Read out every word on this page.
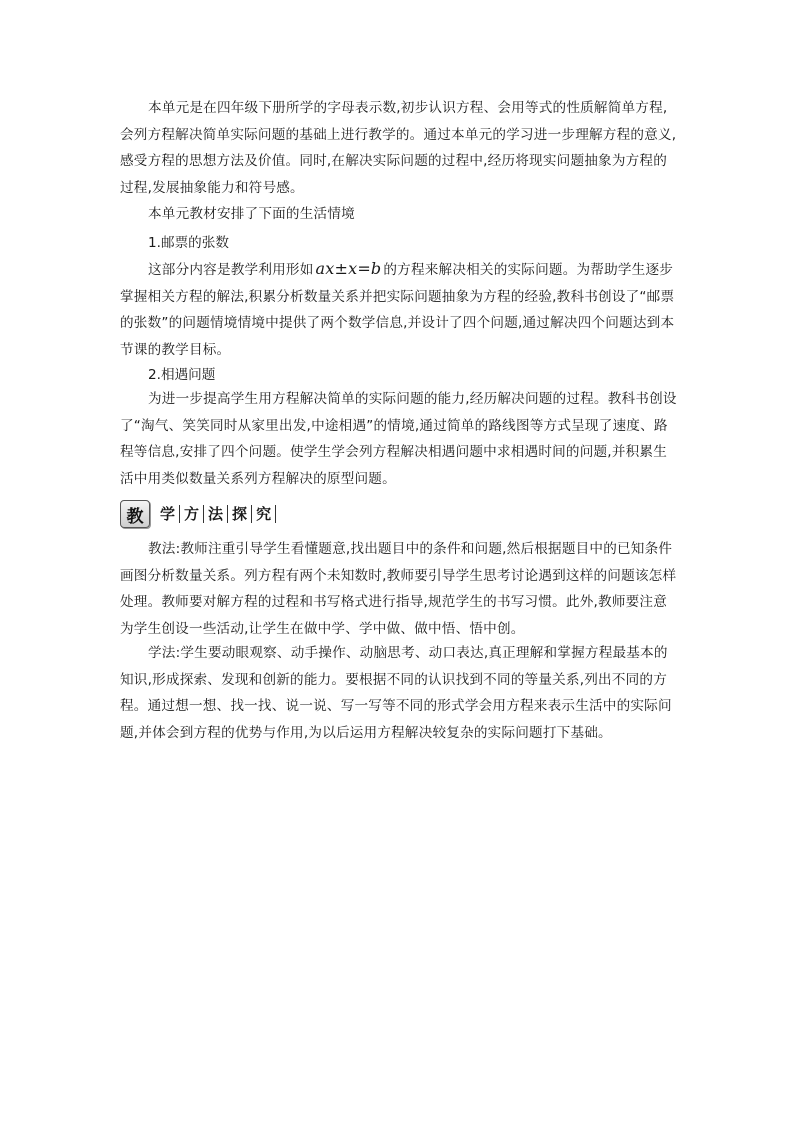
本单元是在四年级下册所学的字母表示数,初步认识方程、会用等式的性质解简单方程,会列方程解决简单实际问题的基础上进行教学的。通过本单元的学习进一步理解方程的意义,感受方程的思想方法及价值。同时,在解决实际问题的过程中,经历将现实问题抽象为方程的过程,发展抽象能力和符号感。

本单元教材安排了下面的生活情境

1.邮票的张数

这部分内容是教学利用形如 ax±x=b 的方程来解决相关的实际问题。为帮助学生逐步掌握相关方程的解法,积累分析数量关系并把实际问题抽象为方程的经验,教科书创设了“邮票的张数”的问题情境情境中提供了两个数学信息,并设计了四个问题,通过解决四个问题达到本节课的教学目标。

2.相遇问题

为进一步提高学生用方程解决简单的实际问题的能力,经历解决问题的过程。教科书创设了“淘气、笑笑同时从家里出发,中途相遇”的情境,通过简单的路线图等方式呈现了速度、路程等信息,安排了四个问题。使学生学会列方程解决相遇问题中求相遇时间的问题,并积累生活中用类似数量关系列方程解决的原型问题。

教	学 方 法 探 究

教法:教师注重引导学生看懂题意,找出题目中的条件和问题,然后根据题目中的已知条件画图分析数量关系。列方程有两个未知数时,教师要引导学生思考讨论遇到这样的问题该怎样处理。教师要对解方程的过程和书写格式进行指导,规范学生的书写习惯。此外,教师要注意为学生创设一些活动,让学生在做中学、学中做、做中悟、悟中创。

学法:学生要动眼观察、动手操作、动脑思考、动口表达,真正理解和掌握方程最基本的知识,形成探索、发现和创新的能力。要根据不同的认识找到不同的等量关系,列出不同的方程。通过想一想、找一找、说一说、写一写等不同的形式学会用方程来表示生活中的实际问题,并体会到方程的优势与作用,为以后运用方程解决较复杂的实际问题打下基础。
